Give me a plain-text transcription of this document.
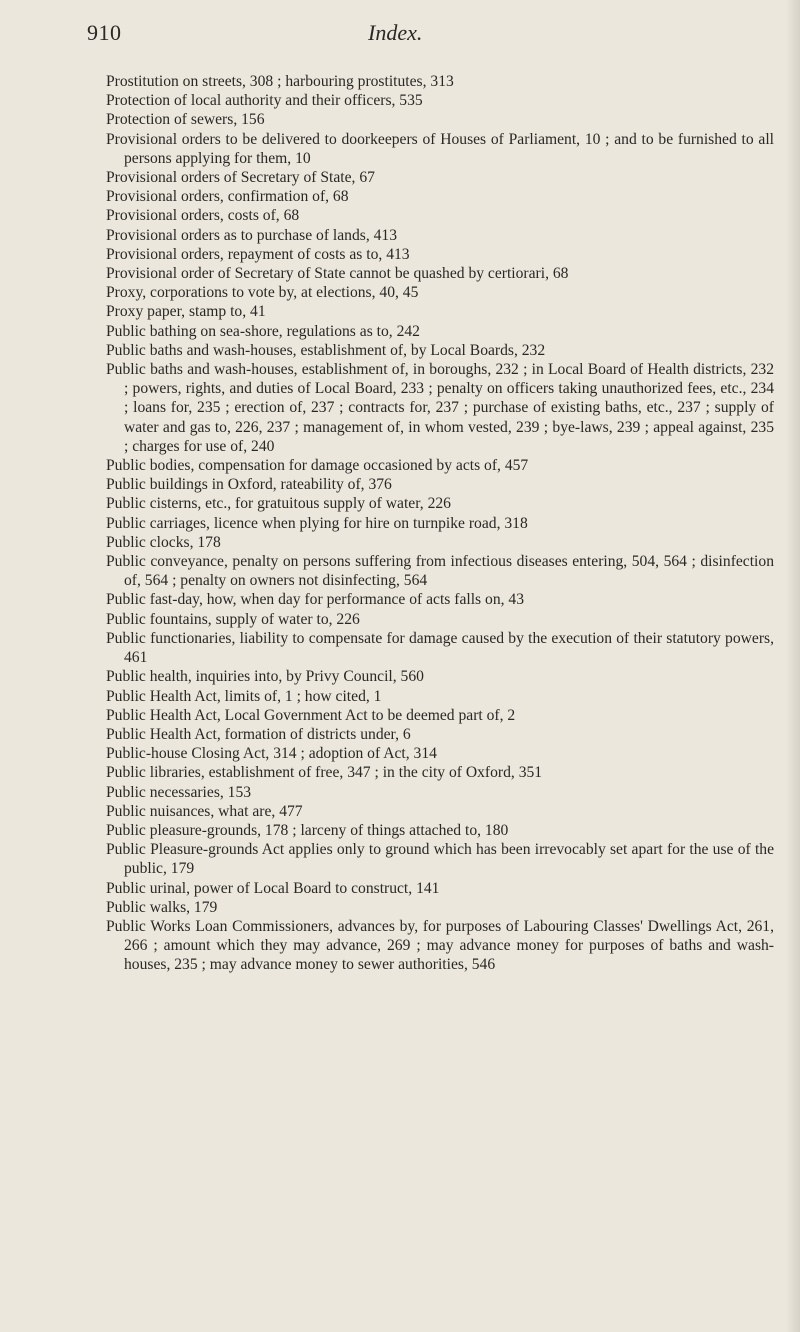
910	Index.

Prostitution on streets, 308 ; harbouring prostitutes, 313

Protection of local authority and their officers, 535

Protection of sewers, 156

Provisional orders to be delivered to doorkeepers of Houses of Parliament, 10 ; and to be furnished to all persons applying for them, 10

Provisional orders of Secretary of State, 67

Provisional orders, confirmation of, 68

Provisional orders, costs of, 68

Provisional orders as to purchase of lands, 413

Provisional orders, repayment of costs as to, 413

Provisional order of Secretary of State cannot be quashed by certiorari, 68

Proxy, corporations to vote by, at elections, 40, 45

Proxy paper, stamp to, 41

Public bathing on sea-shore, regulations as to, 242

Public baths and wash-houses, establishment of, by Local Boards, 232

Public baths and wash-houses, establishment of, in boroughs, 232 ; in Local Board of Health districts, 232 ; powers, rights, and duties of Local Board, 233 ; penalty on officers taking unauthorized fees, etc., 234 ; loans for, 235 ; erection of, 237 ; contracts for, 237 ; purchase of existing baths, etc., 237 ; supply of water and gas to, 226, 237 ; management of, in whom vested, 239 ; bye-laws, 239 ; appeal against, 235 ; charges for use of, 240

Public bodies, compensation for damage occasioned by acts of, 457

Public buildings in Oxford, rateability of, 376

Public cisterns, etc., for gratuitous supply of water, 226

Public carriages, licence when plying for hire on turnpike road, 318

Public clocks, 178

Public conveyance, penalty on persons suffering from infectious diseases entering, 504, 564 ; disinfection of, 564 ; penalty on owners not disinfecting, 564

Public fast-day, how, when day for performance of acts falls on, 43

Public fountains, supply of water to, 226

Public functionaries, liability to compensate for damage caused by the execution of their statutory powers, 461

Public health, inquiries into, by Privy Council, 560

Public Health Act, limits of, 1 ; how cited, 1

Public Health Act, Local Government Act to be deemed part of, 2

Public Health Act, formation of districts under, 6

Public-house Closing Act, 314 ; adoption of Act, 314

Public libraries, establishment of free, 347 ; in the city of Oxford, 351

Public necessaries, 153

Public nuisances, what are, 477

Public pleasure-grounds, 178 ; larceny of things attached to, 180

Public Pleasure-grounds Act applies only to ground which has been irrevocably set apart for the use of the public, 179

Public urinal, power of Local Board to construct, 141

Public walks, 179

Public Works Loan Commissioners, advances by, for purposes of Labouring Classes' Dwellings Act, 261, 266 ; amount which they may advance, 269 ; may advance money for purposes of baths and wash-houses, 235 ; may advance money to sewer authorities, 546
